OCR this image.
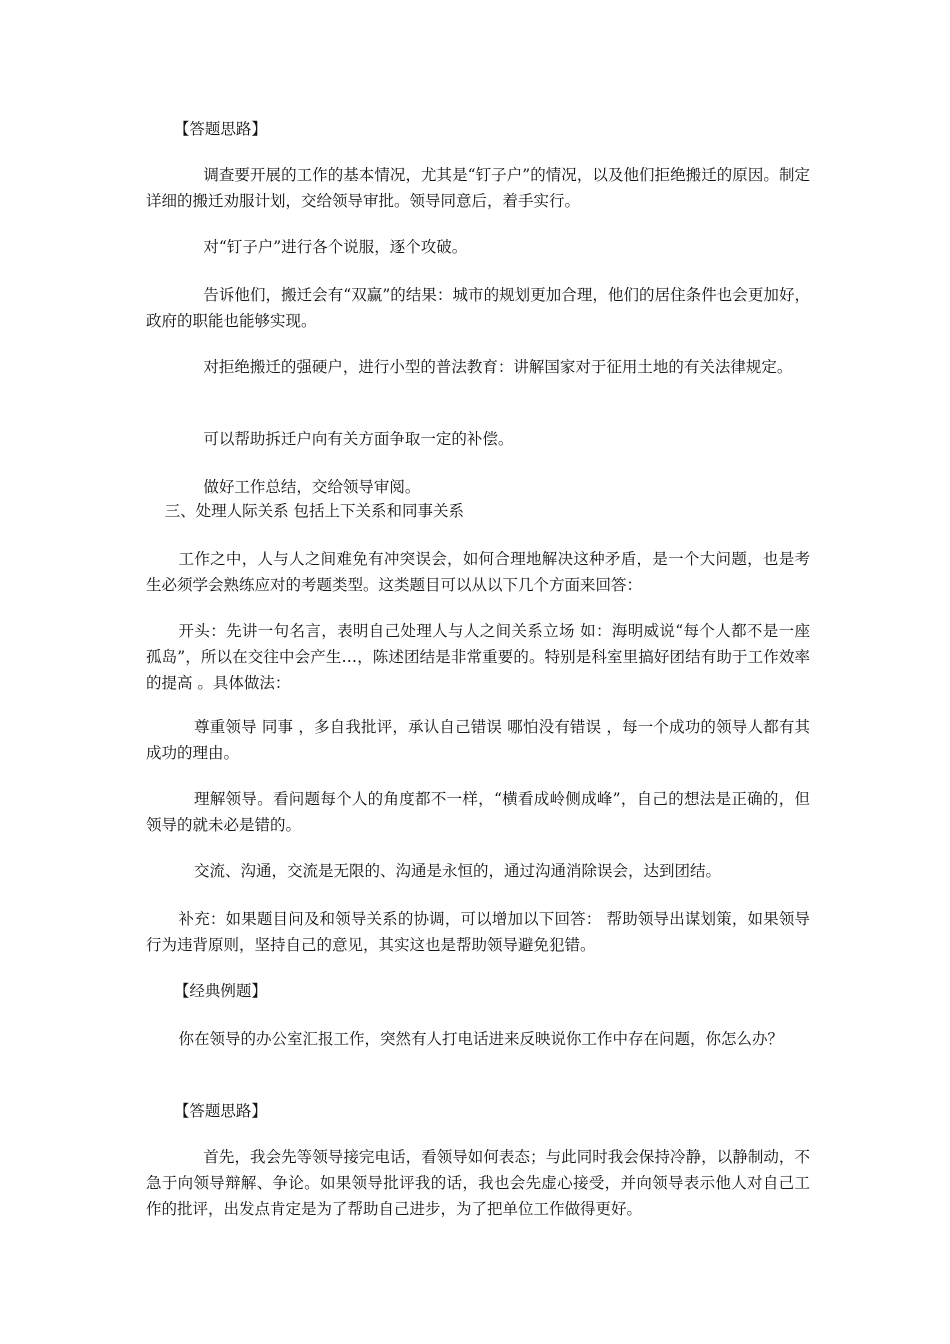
【答题思路】

调查要开展的工作的基本情况，尤其是“钉子户”的情况，以及他们拒绝搬迁的原因。制定详细的搬迁劝服计划，交给领导审批。领导同意后，着手实行。

对“钉子户”进行各个说服，逐个攻破。

告诉他们，搬迁会有“双赢”的结果：城市的规划更加合理，他们的居住条件也会更加好，政府的职能也能够实现。

对拒绝搬迁的强硬户，进行小型的普法教育：讲解国家对于征用土地的有关法律规定。

可以帮助拆迁户向有关方面争取一定的补偿。

做好工作总结，交给领导审阅。

三、处理人际关系 包括上下关系和同事关系

工作之中，人与人之间难免有冲突误会，如何合理地解决这种矛盾，是一个大问题，也是考生必须学会熟练应对的考题类型。这类题目可以从以下几个方面来回答：

开头：先讲一句名言，表明自己处理人与人之间关系立场 如：海明威说“每个人都不是一座孤岛”，所以在交往中会产生…，陈述团结是非常重要的。特别是科室里搞好团结有助于工作效率的提高 。具体做法：

尊重领导 同事 ，多自我批评，承认自己错误 哪怕没有错误 ，每一个成功的领导人都有其成功的理由。

理解领导。看问题每个人的角度都不一样，“横看成岭侧成峰”，自己的想法是正确的，但领导的就未必是错的。

交流、沟通，交流是无限的、沟通是永恒的，通过沟通消除误会，达到团结。

补充：如果题目问及和领导关系的协调，可以增加以下回答： 帮助领导出谋划策，如果领导行为违背原则，坚持自己的意见，其实这也是帮助领导避免犯错。

【经典例题】

你在领导的办公室汇报工作，突然有人打电话进来反映说你工作中存在问题，你怎么办？

【答题思路】

首先，我会先等领导接完电话，看领导如何表态；与此同时我会保持冷静，以静制动，不急于向领导辩解、争论。如果领导批评我的话，我也会先虚心接受，并向领导表示他人对自己工作的批评，出发点肯定是为了帮助自己进步，为了把单位工作做得更好。
